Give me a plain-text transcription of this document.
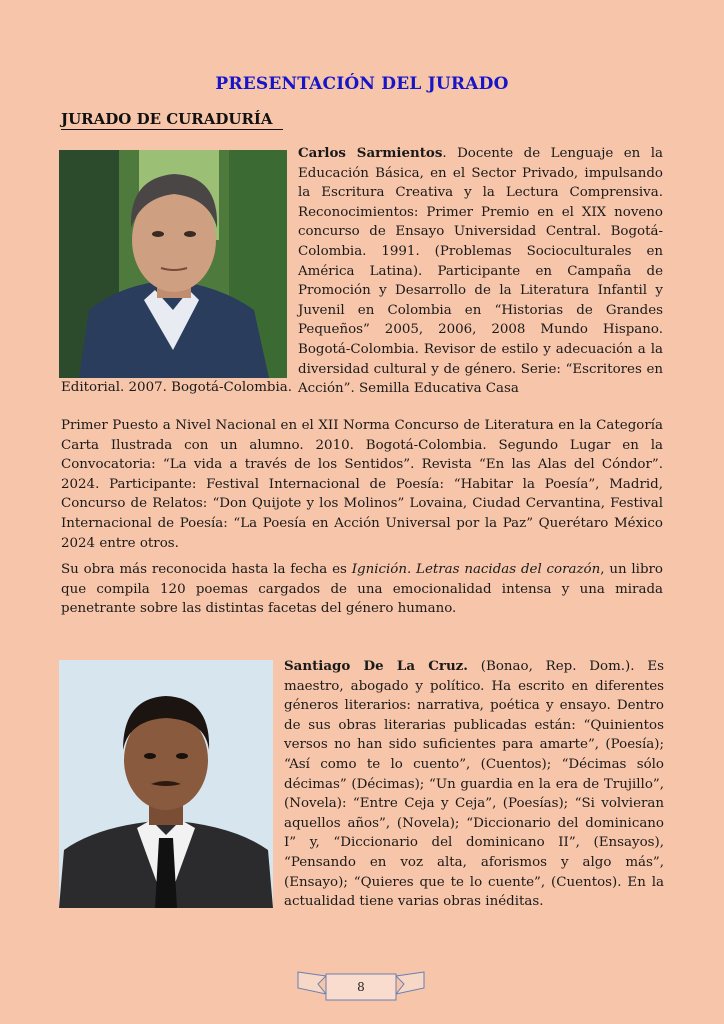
PRESENTACIÓN DEL JURADO
JURADO DE CURADURÍA
Carlos Sarmientos. Docente de Lenguaje en la Educación Básica, en el Sector Privado, impulsando la Escritura Creativa y la Lectura Comprensiva. Reconocimientos: Primer Premio en el XIX noveno concurso de Ensayo Universidad Central. Bogotá-Colombia. 1991. (Problemas Socioculturales en América Latina). Participante en Campaña de Promoción y Desarrollo de la Literatura Infantil y Juvenil en Colombia en “Historias de Grandes Pequeños” 2005, 2006, 2008 Mundo Hispano. Bogotá-Colombia. Revisor de estilo y adecuación a la diversidad cultural y de género. Serie: “Escritores en Acción”. Semilla Educativa Casa
Editorial. 2007. Bogotá-Colombia.
Primer Puesto a Nivel Nacional en el XII Norma Concurso de Literatura en la Categoría Carta Ilustrada con un alumno. 2010. Bogotá-Colombia. Segundo Lugar en la Convocatoria: “La vida a través de los Sentidos”. Revista “En las Alas del Cóndor”. 2024. Participante: Festival Internacional de Poesía: “Habitar la Poesía”, Madrid, Concurso de Relatos: “Don Quijote y los Molinos” Lovaina, Ciudad Cervantina, Festival Internacional de Poesía: “La Poesía en Acción Universal por la Paz” Querétaro México 2024 entre otros.
Su obra más reconocida hasta la fecha es Ignición. Letras nacidas del corazón, un libro que compila 120 poemas cargados de una emocionalidad intensa y una mirada penetrante sobre las distintas facetas del género humano.
Santiago De La Cruz. (Bonao, Rep. Dom.). Es maestro, abogado y político. Ha escrito en diferentes géneros literarios: narrativa, poética y ensayo. Dentro de sus obras literarias publicadas están: “Quinientos versos no han sido suficientes para amarte”, (Poesía); “Así como te lo cuento”, (Cuentos); “Décimas sólo décimas” (Décimas); “Un guardia en la era de Trujillo”, (Novela): “Entre Ceja y Ceja”, (Poesías); “Si volvieran aquellos años”, (Novela); “Diccionario del dominicano I” y, “Diccionario del dominicano II”, (Ensayos), “Pensando en voz alta, aforismos y algo más”, (Ensayo); “Quieres que te lo cuente”, (Cuentos). En la actualidad tiene varias obras inéditas.
8
